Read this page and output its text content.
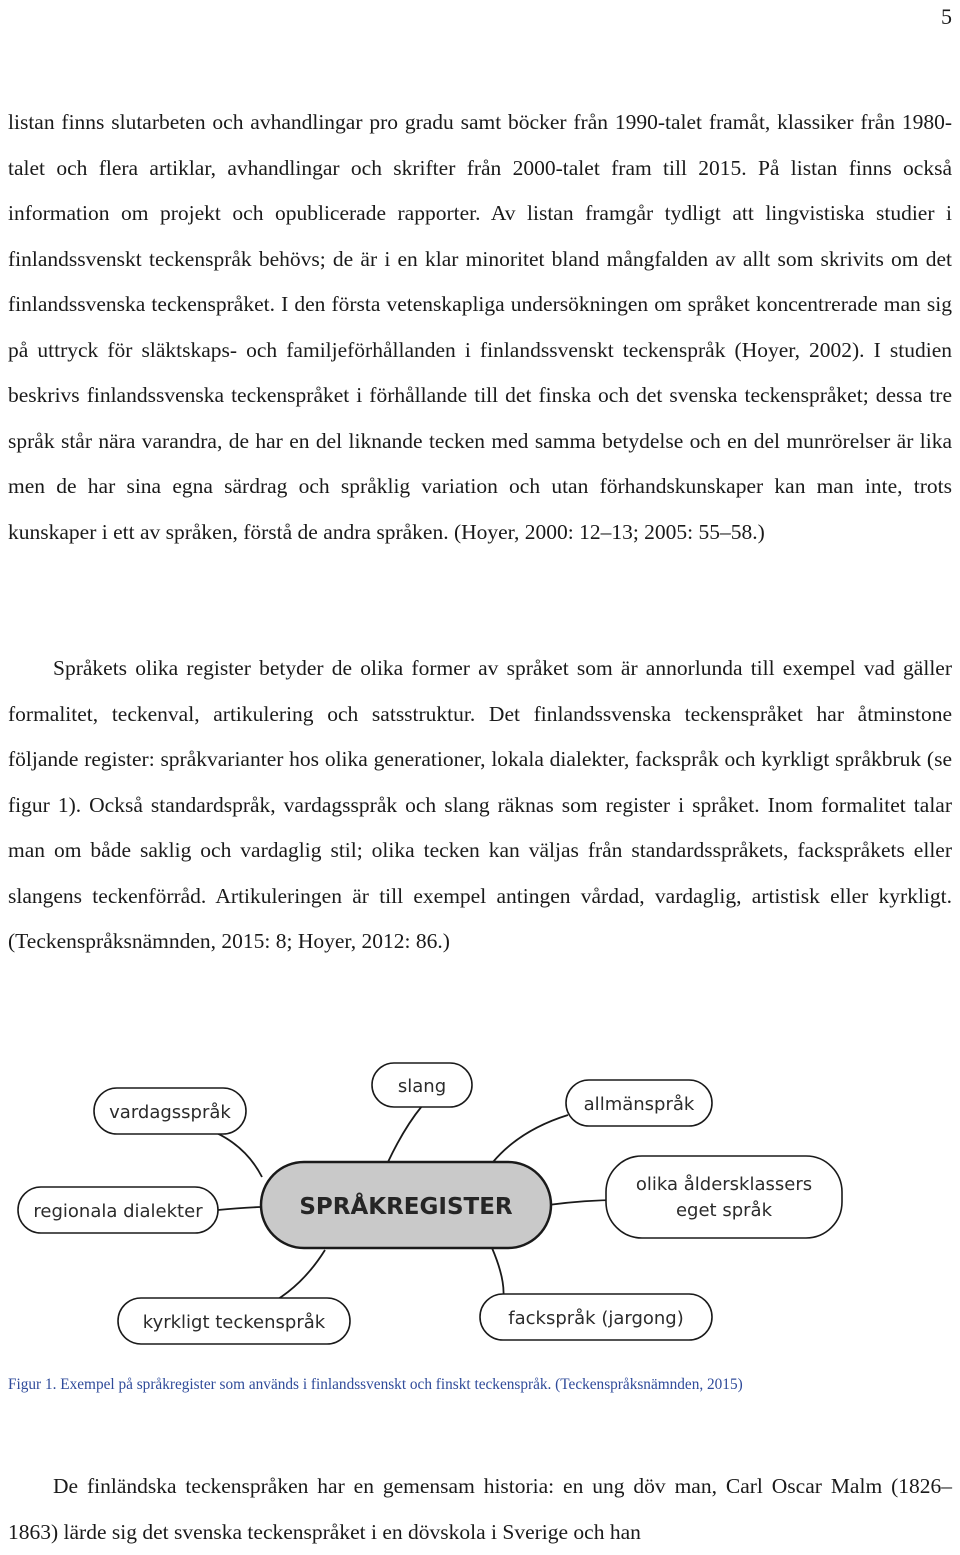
5

listan finns slutarbeten och avhandlingar pro gradu samt böcker från 1990-talet framåt, klassiker från 1980-talet och flera artiklar, avhandlingar och skrifter från 2000-talet fram till 2015. På listan finns också information om projekt och opublicerade rapporter. Av listan framgår tydligt att lingvistiska studier i finlandssvenskt teckenspråk behövs; de är i en klar minoritet bland mångfalden av allt som skrivits om det finlandssvenska teckenspråket. I den första vetenskapliga undersökningen om språket koncentrerade man sig på uttryck för släktskaps- och familjeförhållanden i finlandssvenskt teckenspråk (Hoyer, 2002). I studien beskrivs finlandssvenska teckenspråket i förhållande till det finska och det svenska teckenspråket; dessa tre språk står nära varandra, de har en del liknande tecken med samma betydelse och en del munrörelser är lika men de har sina egna särdrag och språklig variation och utan förhandskunskaper kan man inte, trots kunskaper i ett av språken, förstå de andra språken. (Hoyer, 2000: 12–13; 2005: 55–58.)

Språkets olika register betyder de olika former av språket som är annorlunda till exempel vad gäller formalitet, teckenval, artikulering och satsstruktur. Det finlandssvenska teckenspråket har åtminstone följande register: språkvarianter hos olika generationer, lokala dialekter, fackspråk och kyrkligt språkbruk (se figur 1). Också standardspråk, vardagsspråk och slang räknas som register i språket. Inom formalitet talar man om både saklig och vardaglig stil; olika tecken kan väljas från standardsspråkets, fackspråkets eller slangens teckenförråd. Artikuleringen är till exempel antingen vårdad, vardaglig, artistisk eller kyrkligt. (Teckenspråksnämnden, 2015: 8; Hoyer, 2012: 86.)

SPRÅKREGISTER
vardagsspråk
slang
allmänspråk
regionala dialekter
olika åldersklassers
eget språk
kyrkligt teckenspråk	fackspråk (jargong)
Figur 1. Exempel på språkregister som används i finlandssvenskt och finskt teckenspråk. (Teckenspråksnämnden, 2015)

De finländska teckenspråken har en gemensam historia: en ung döv man, Carl Oscar Malm (1826–1863) lärde sig det svenska teckenspråket i en dövskola i Sverige och han
